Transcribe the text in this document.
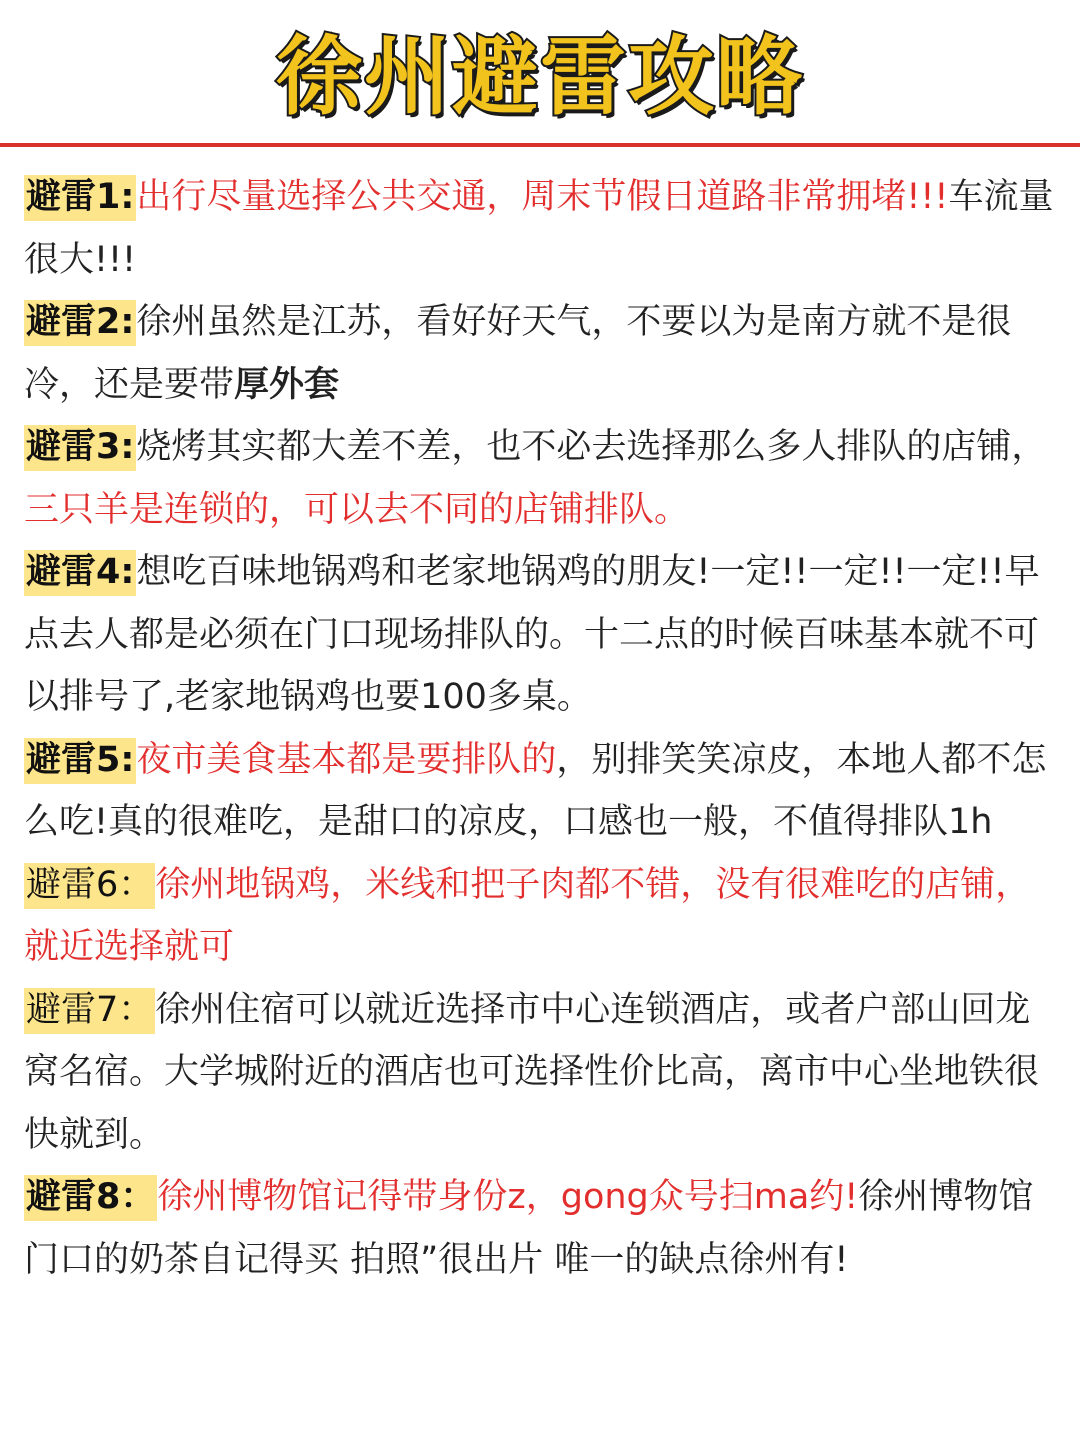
徐州避雷攻略

避雷1:出行尽量选择公共交通，周末节假日道路非常拥堵!!!车流量很大!!!

避雷2:徐州虽然是江苏，看好好天气，不要以为是南方就不是很冷，还是要带厚外套

避雷3:烧烤其实都大差不差，也不必去选择那么多人排队的店铺，三只羊是连锁的，可以去不同的店铺排队。

避雷4:想吃百味地锅鸡和老家地锅鸡的朋友!一定!!一定!!一定!!早点去人都是必须在门口现场排队的。十二点的时候百味基本就不可以排号了,老家地锅鸡也要100多桌。

避雷5:夜市美食基本都是要排队的，别排笑笑凉皮，本地人都不怎么吃!真的很难吃，是甜口的凉皮，口感也一般，不值得排队1h

避雷6：徐州地锅鸡，米线和把子肉都不错，没有很难吃的店铺，就近选择就可

避雷7：徐州住宿可以就近选择市中心连锁酒店，或者户部山回龙窝名宿。大学城附近的酒店也可选择性价比高，离市中心坐地铁很快就到。

避雷8：徐州博物馆记得带身份z，gong众号扫ma约!徐州博物馆门口的奶茶自记得买 拍照”很出片 唯一的缺点徐州有!
